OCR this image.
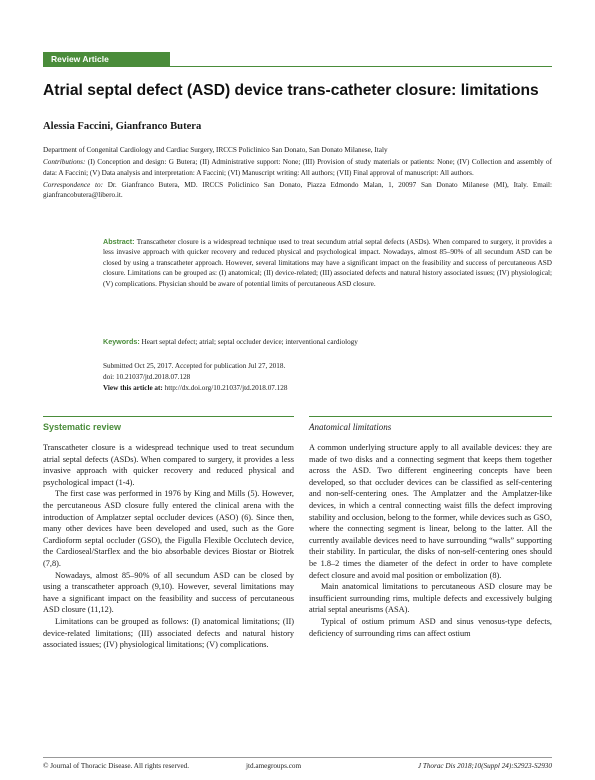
Review Article
Atrial septal defect (ASD) device trans-catheter closure: limitations

Alessia Faccini, Gianfranco Butera

Department of Congenital Cardiology and Cardiac Surgery, IRCCS Policlinico San Donato, San Donato Milanese, Italy

Contributions: (I) Conception and design: G Butera; (II) Administrative support: None; (III) Provision of study materials or patients: None; (IV) Collection and assembly of data: A Faccini; (V) Data analysis and interpretation: A Faccini; (VI) Manuscript writing: All authors; (VII) Final approval of manuscript: All authors.

Correspondence to: Dr. Gianfranco Butera, MD. IRCCS Policlinico San Donato, Piazza Edmondo Malan, 1, 20097 San Donato Milanese (MI), Italy. Email: gianfrancobutera@libero.it.

Abstract: Transcatheter closure is a widespread technique used to treat secundum atrial septal defects (ASDs). When compared to surgery, it provides a less invasive approach with quicker recovery and reduced physical and psychological impact. Nowadays, almost 85–90% of all secundum ASD can be closed by using a transcatheter approach. However, several limitations may have a significant impact on the feasibility and success of percutaneous ASD closure. Limitations can be grouped as: (I) anatomical; (II) device-related; (III) associated defects and natural history associated issues; (IV) physiological; (V) complications. Physician should be aware of potential limits of percutaneous ASD closure.
Keywords: Heart septal defect; atrial; septal occluder device; interventional cardiology

Submitted Oct 25, 2017. Accepted for publication Jul 27, 2018.

doi: 10.21037/jtd.2018.07.128

View this article at: http://dx.doi.org/10.21037/jtd.2018.07.128

Systematic review	Anatomical limitations

Transcatheter closure is a widespread technique used to treat secundum atrial septal defects (ASDs). When compared to surgery, it provides a less invasive approach with quicker recovery and reduced physical and psychological impact (1-4).

The first case was performed in 1976 by King and Mills (5). However, the percutaneous ASD closure fully entered the clinical arena with the introduction of Amplatzer septal occluder devices (ASO) (6). Since then, many other devices have been developed and used, such as the Gore Cardioform septal occluder (GSO), the Figulla Flexible Occlutech device, the Cardioseal/Starflex and the bio absorbable devices Biostar or Biotrek (7,8).

Nowadays, almost 85–90% of all secundum ASD can be closed by using a transcatheter approach (9,10). However, several limitations may have a significant impact on the feasibility and success of percutaneous ASD closure (11,12).

Limitations can be grouped as follows: (I) anatomical limitations; (II) device-related limitations; (III) associated defects and natural history associated issues; (IV) physiological limitations; (V) complications.

A common underlying structure apply to all available devices: they are made of two disks and a connecting segment that keeps them together across the ASD. Two different engineering concepts have been developed, so that occluder devices can be classified as self-centering and non-self-centering ones. The Amplatzer and the Amplatzer-like devices, in which a central connecting waist fills the defect improving stability and occlusion, belong to the former, while devices such as GSO, where the connecting segment is linear, belong to the latter. All the currently available devices need to have surrounding “walls” supporting their stability. In particular, the disks of non-self-centering ones should be 1.8–2 times the diameter of the defect in order to have complete defect closure and avoid mal position or embolization (8).

Main anatomical limitations to percutaneous ASD closure may be insufficient surrounding rims, multiple defects and excessively bulging atrial septal aneurisms (ASA).

Typical of ostium primum ASD and sinus venosus-type defects, deficiency of surrounding rims can affect ostium

© Journal of Thoracic Disease. All rights reserved.	jtd.amegroups.com	J Thorac Dis 2018;10(Suppl 24):S2923-S2930
